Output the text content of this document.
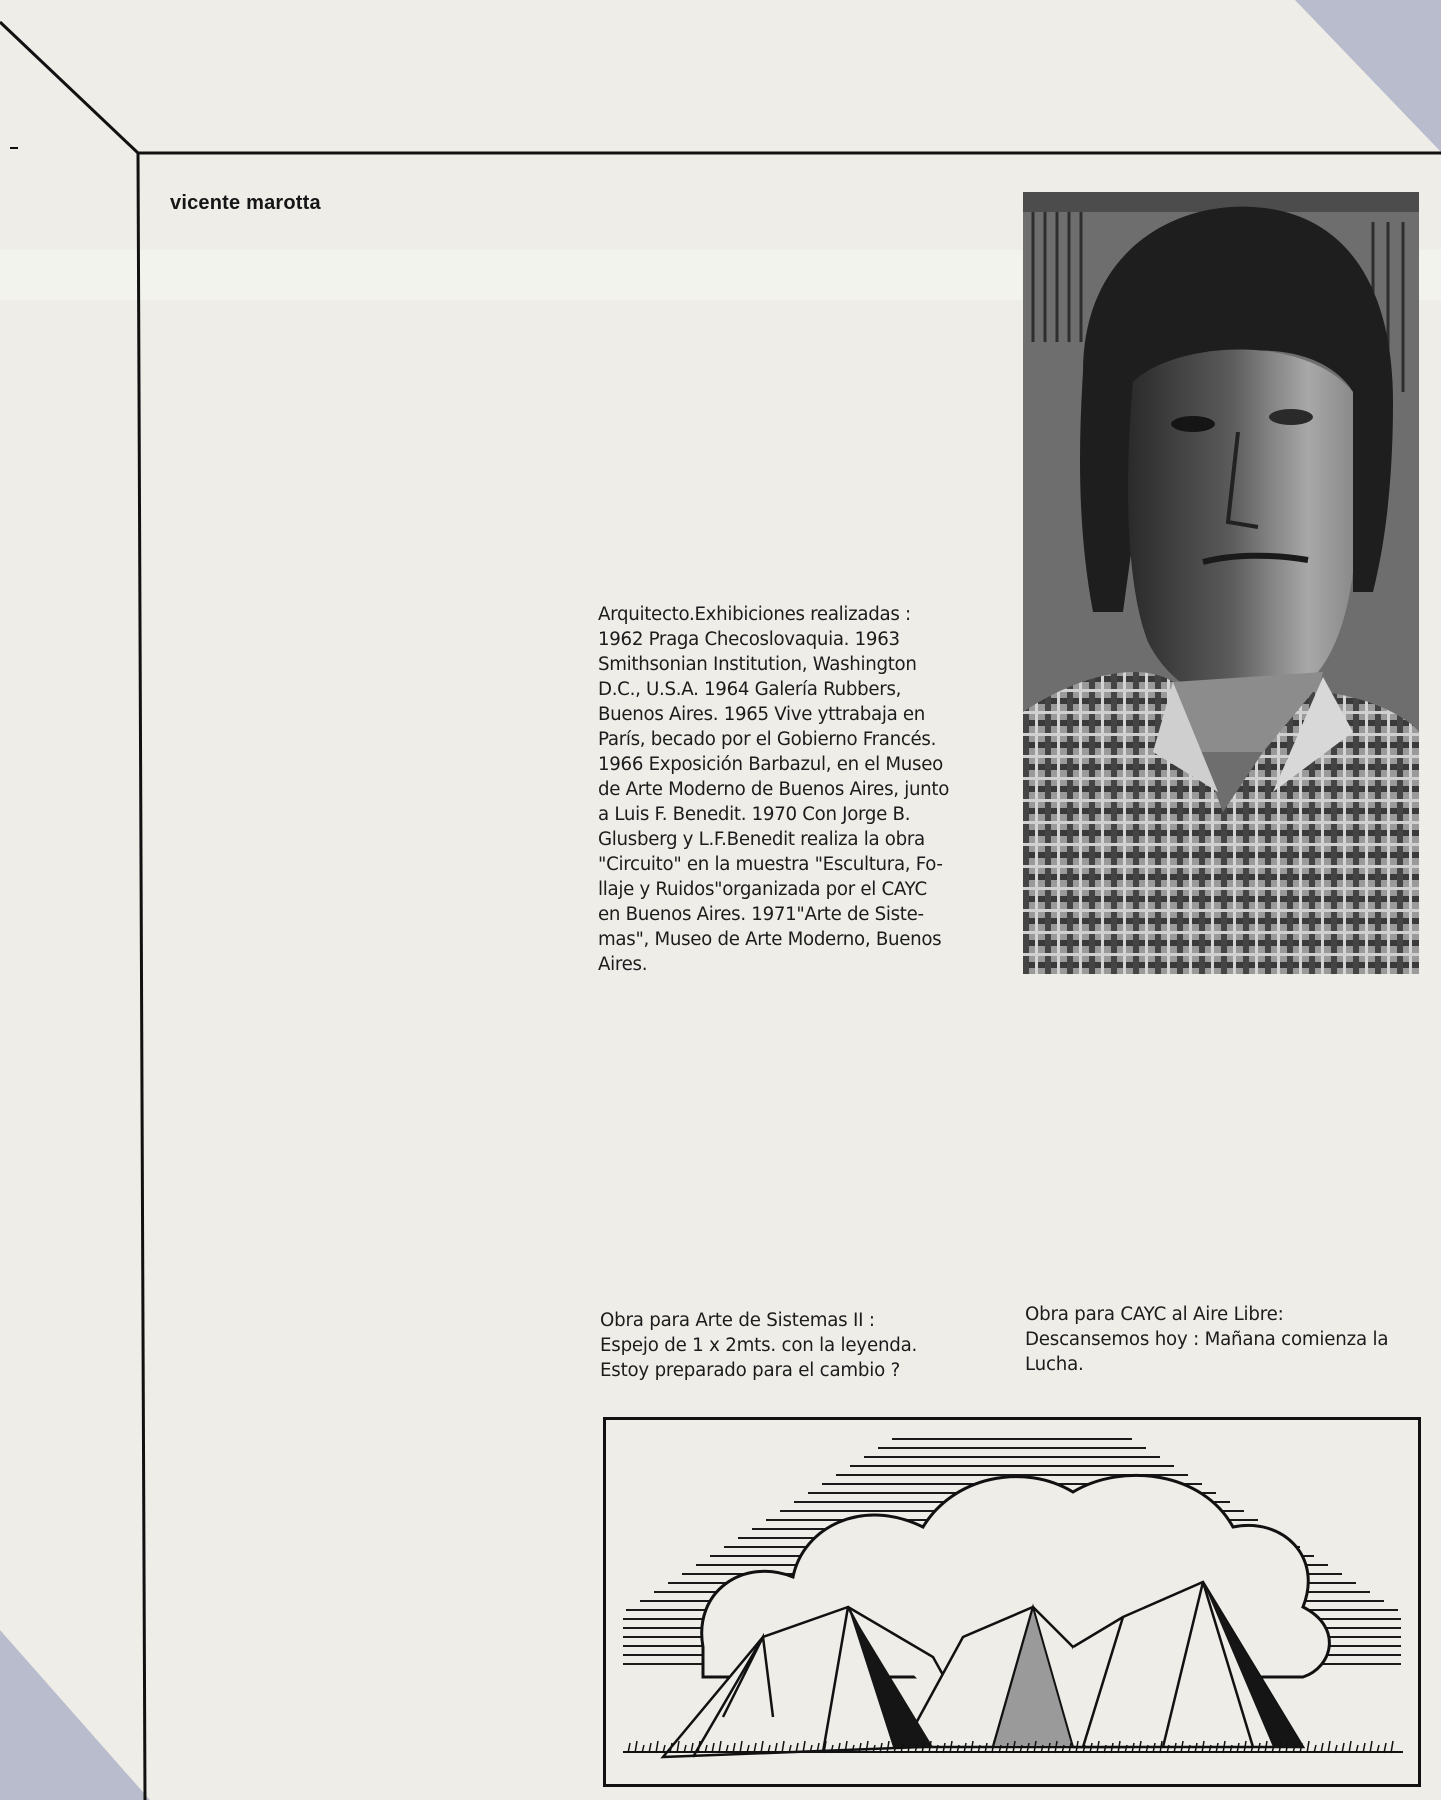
vicente marotta
Arquitecto.Exhibiciones realizadas :
1962 Praga Checoslovaquia. 1963
Smithsonian Institution, Washington
D.C., U.S.A. 1964 Galería Rubbers,
Buenos Aires. 1965 Vive yttrabaja en
París, becado por el Gobierno Francés.
1966 Exposición Barbazul, en el Museo
de Arte Moderno de Buenos Aires, junto
a Luis F. Benedit. 1970 Con Jorge B.
Glusberg y L.F.Benedit realiza la obra
"Circuito" en la muestra "Escultura, Fo-
llaje y Ruidos"organizada por el CAYC
en Buenos Aires. 1971"Arte de Siste-
mas", Museo de Arte Moderno, Buenos
Aires.
Obra para Arte de Sistemas II :
Espejo de 1 x 2mts. con la leyenda.
Estoy preparado para el cambio ?
Obra para CAYC al Aire Libre:
Descansemos hoy : Mañana comienza la
Lucha.
